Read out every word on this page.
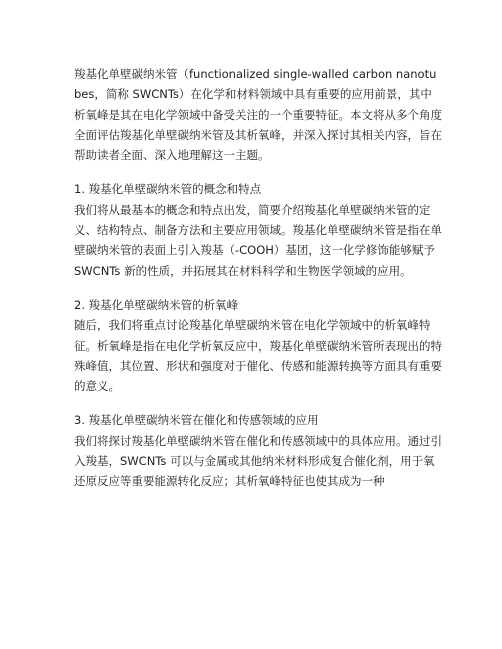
羧基化单壁碳纳米管（functionalized single-walled carbon nanotubes，简称 SWCNTs）在化学和材料领域中具有重要的应用前景，其中析氧峰是其在电化学领域中备受关注的一个重要特征。本文将从多个角度全面评估羧基化单壁碳纳米管及其析氧峰，并深入探讨其相关内容，旨在帮助读者全面、深入地理解这一主题。

1. 羧基化单壁碳纳米管的概念和特点

我们将从最基本的概念和特点出发，简要介绍羧基化单壁碳纳米管的定义、结构特点、制备方法和主要应用领域。羧基化单壁碳纳米管是指在单壁碳纳米管的表面上引入羧基（-COOH）基团，这一化学修饰能够赋予 SWCNTs 新的性质，并拓展其在材料科学和生物医学领域的应用。

2. 羧基化单壁碳纳米管的析氧峰

随后，我们将重点讨论羧基化单壁碳纳米管在电化学领域中的析氧峰特征。析氧峰是指在电化学析氧反应中，羧基化单壁碳纳米管所表现出的特殊峰值，其位置、形状和强度对于催化、传感和能源转换等方面具有重要的意义。

3. 羧基化单壁碳纳米管在催化和传感领域的应用

我们将探讨羧基化单壁碳纳米管在催化和传感领域中的具体应用。通过引入羧基，SWCNTs 可以与金属或其他纳米材料形成复合催化剂，用于氧还原反应等重要能源转化反应；其析氧峰特征也使其成为一种
